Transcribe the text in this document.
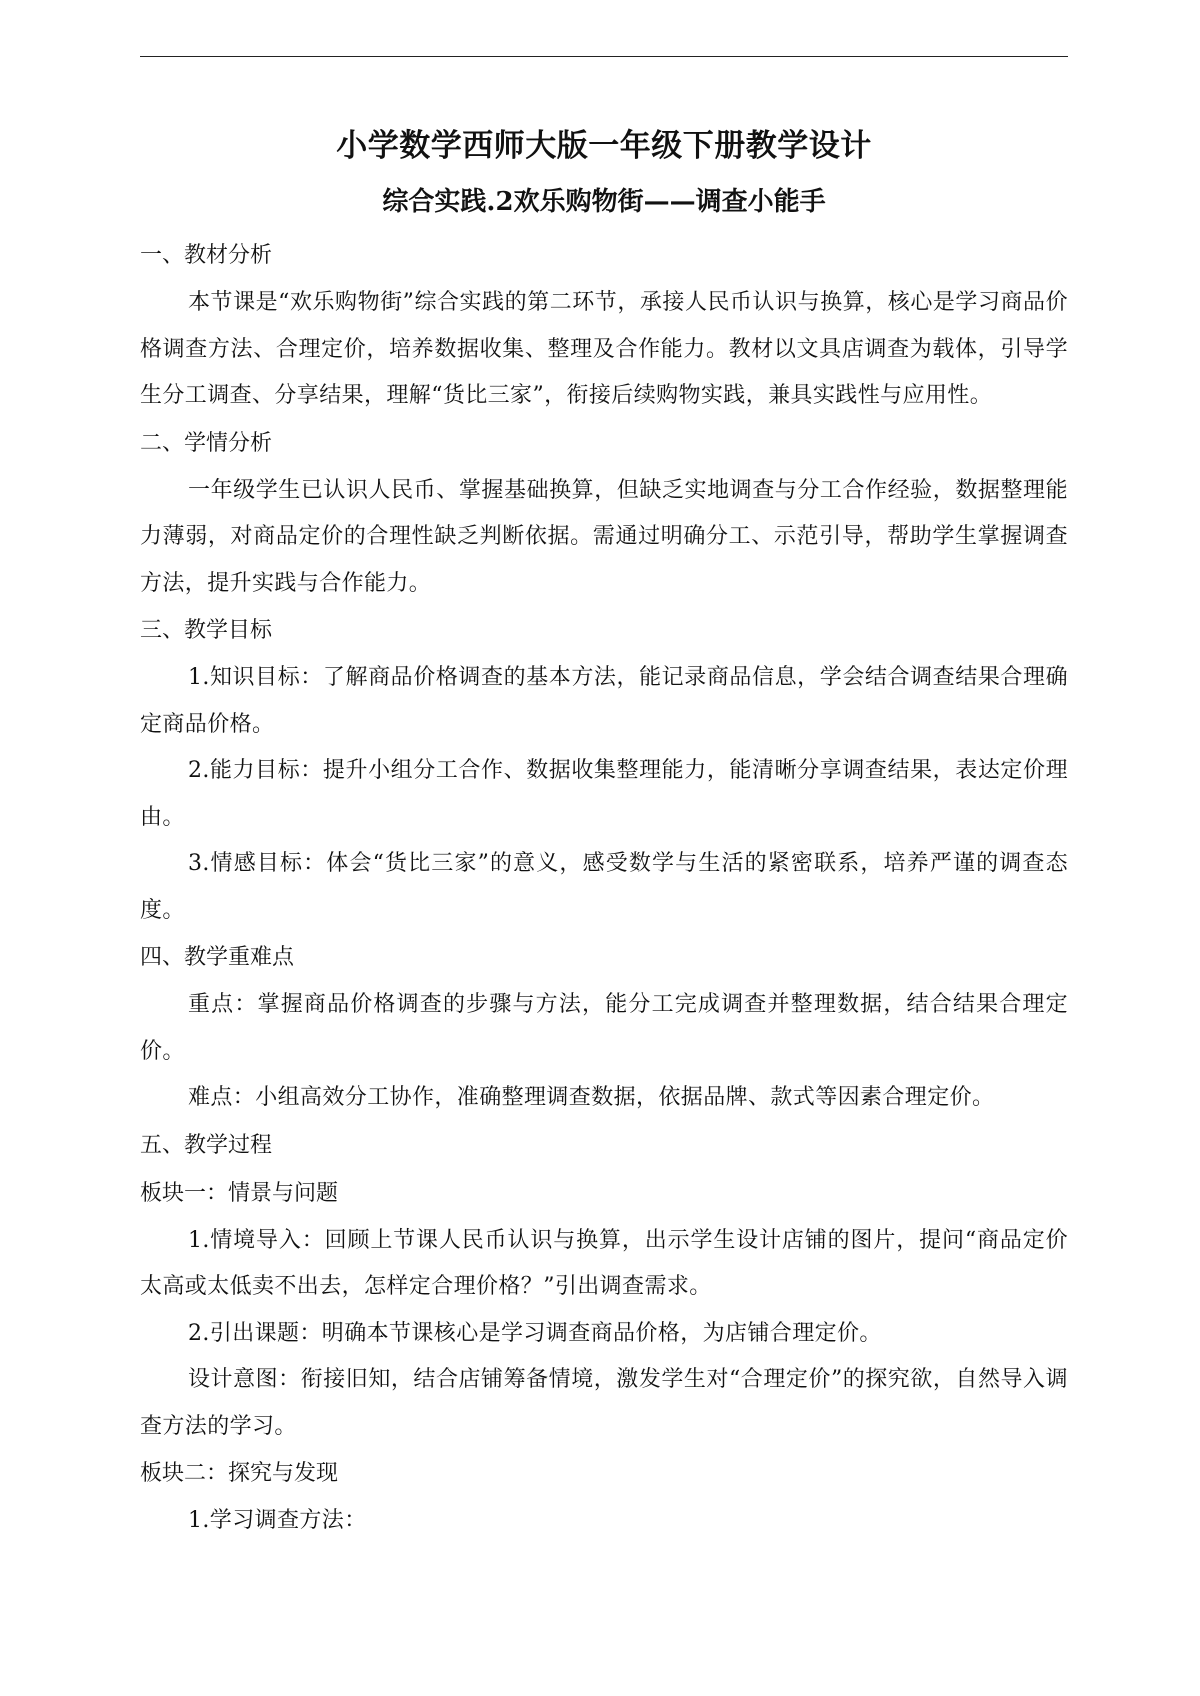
小学数学西师大版一年级下册教学设计
综合实践.2欢乐购物街——调查小能手
一、教材分析

本节课是“欢乐购物街”综合实践的第二环节，承接人民币认识与换算，核心是学习商品价格调查方法、合理定价，培养数据收集、整理及合作能力。教材以文具店调查为载体，引导学生分工调查、分享结果，理解“货比三家”，衔接后续购物实践，兼具实践性与应用性。

二、学情分析

一年级学生已认识人民币、掌握基础换算，但缺乏实地调查与分工合作经验，数据整理能力薄弱，对商品定价的合理性缺乏判断依据。需通过明确分工、示范引导，帮助学生掌握调查方法，提升实践与合作能力。

三、教学目标

1.知识目标：了解商品价格调查的基本方法，能记录商品信息，学会结合调查结果合理确定商品价格。

2.能力目标：提升小组分工合作、数据收集整理能力，能清晰分享调查结果，表达定价理由。

3.情感目标：体会“货比三家”的意义，感受数学与生活的紧密联系，培养严谨的调查态度。

四、教学重难点

重点：掌握商品价格调查的步骤与方法，能分工完成调查并整理数据，结合结果合理定价。

难点：小组高效分工协作，准确整理调查数据，依据品牌、款式等因素合理定价。

五、教学过程
板块一：情景与问题

1.情境导入：回顾上节课人民币认识与换算，出示学生设计店铺的图片，提问“商品定价太高或太低卖不出去，怎样定合理价格？”引出调查需求。

2.引出课题：明确本节课核心是学习调查商品价格，为店铺合理定价。

设计意图：衔接旧知，结合店铺筹备情境，激发学生对“合理定价”的探究欲，自然导入调查方法的学习。

板块二：探究与发现

1.学习调查方法：
